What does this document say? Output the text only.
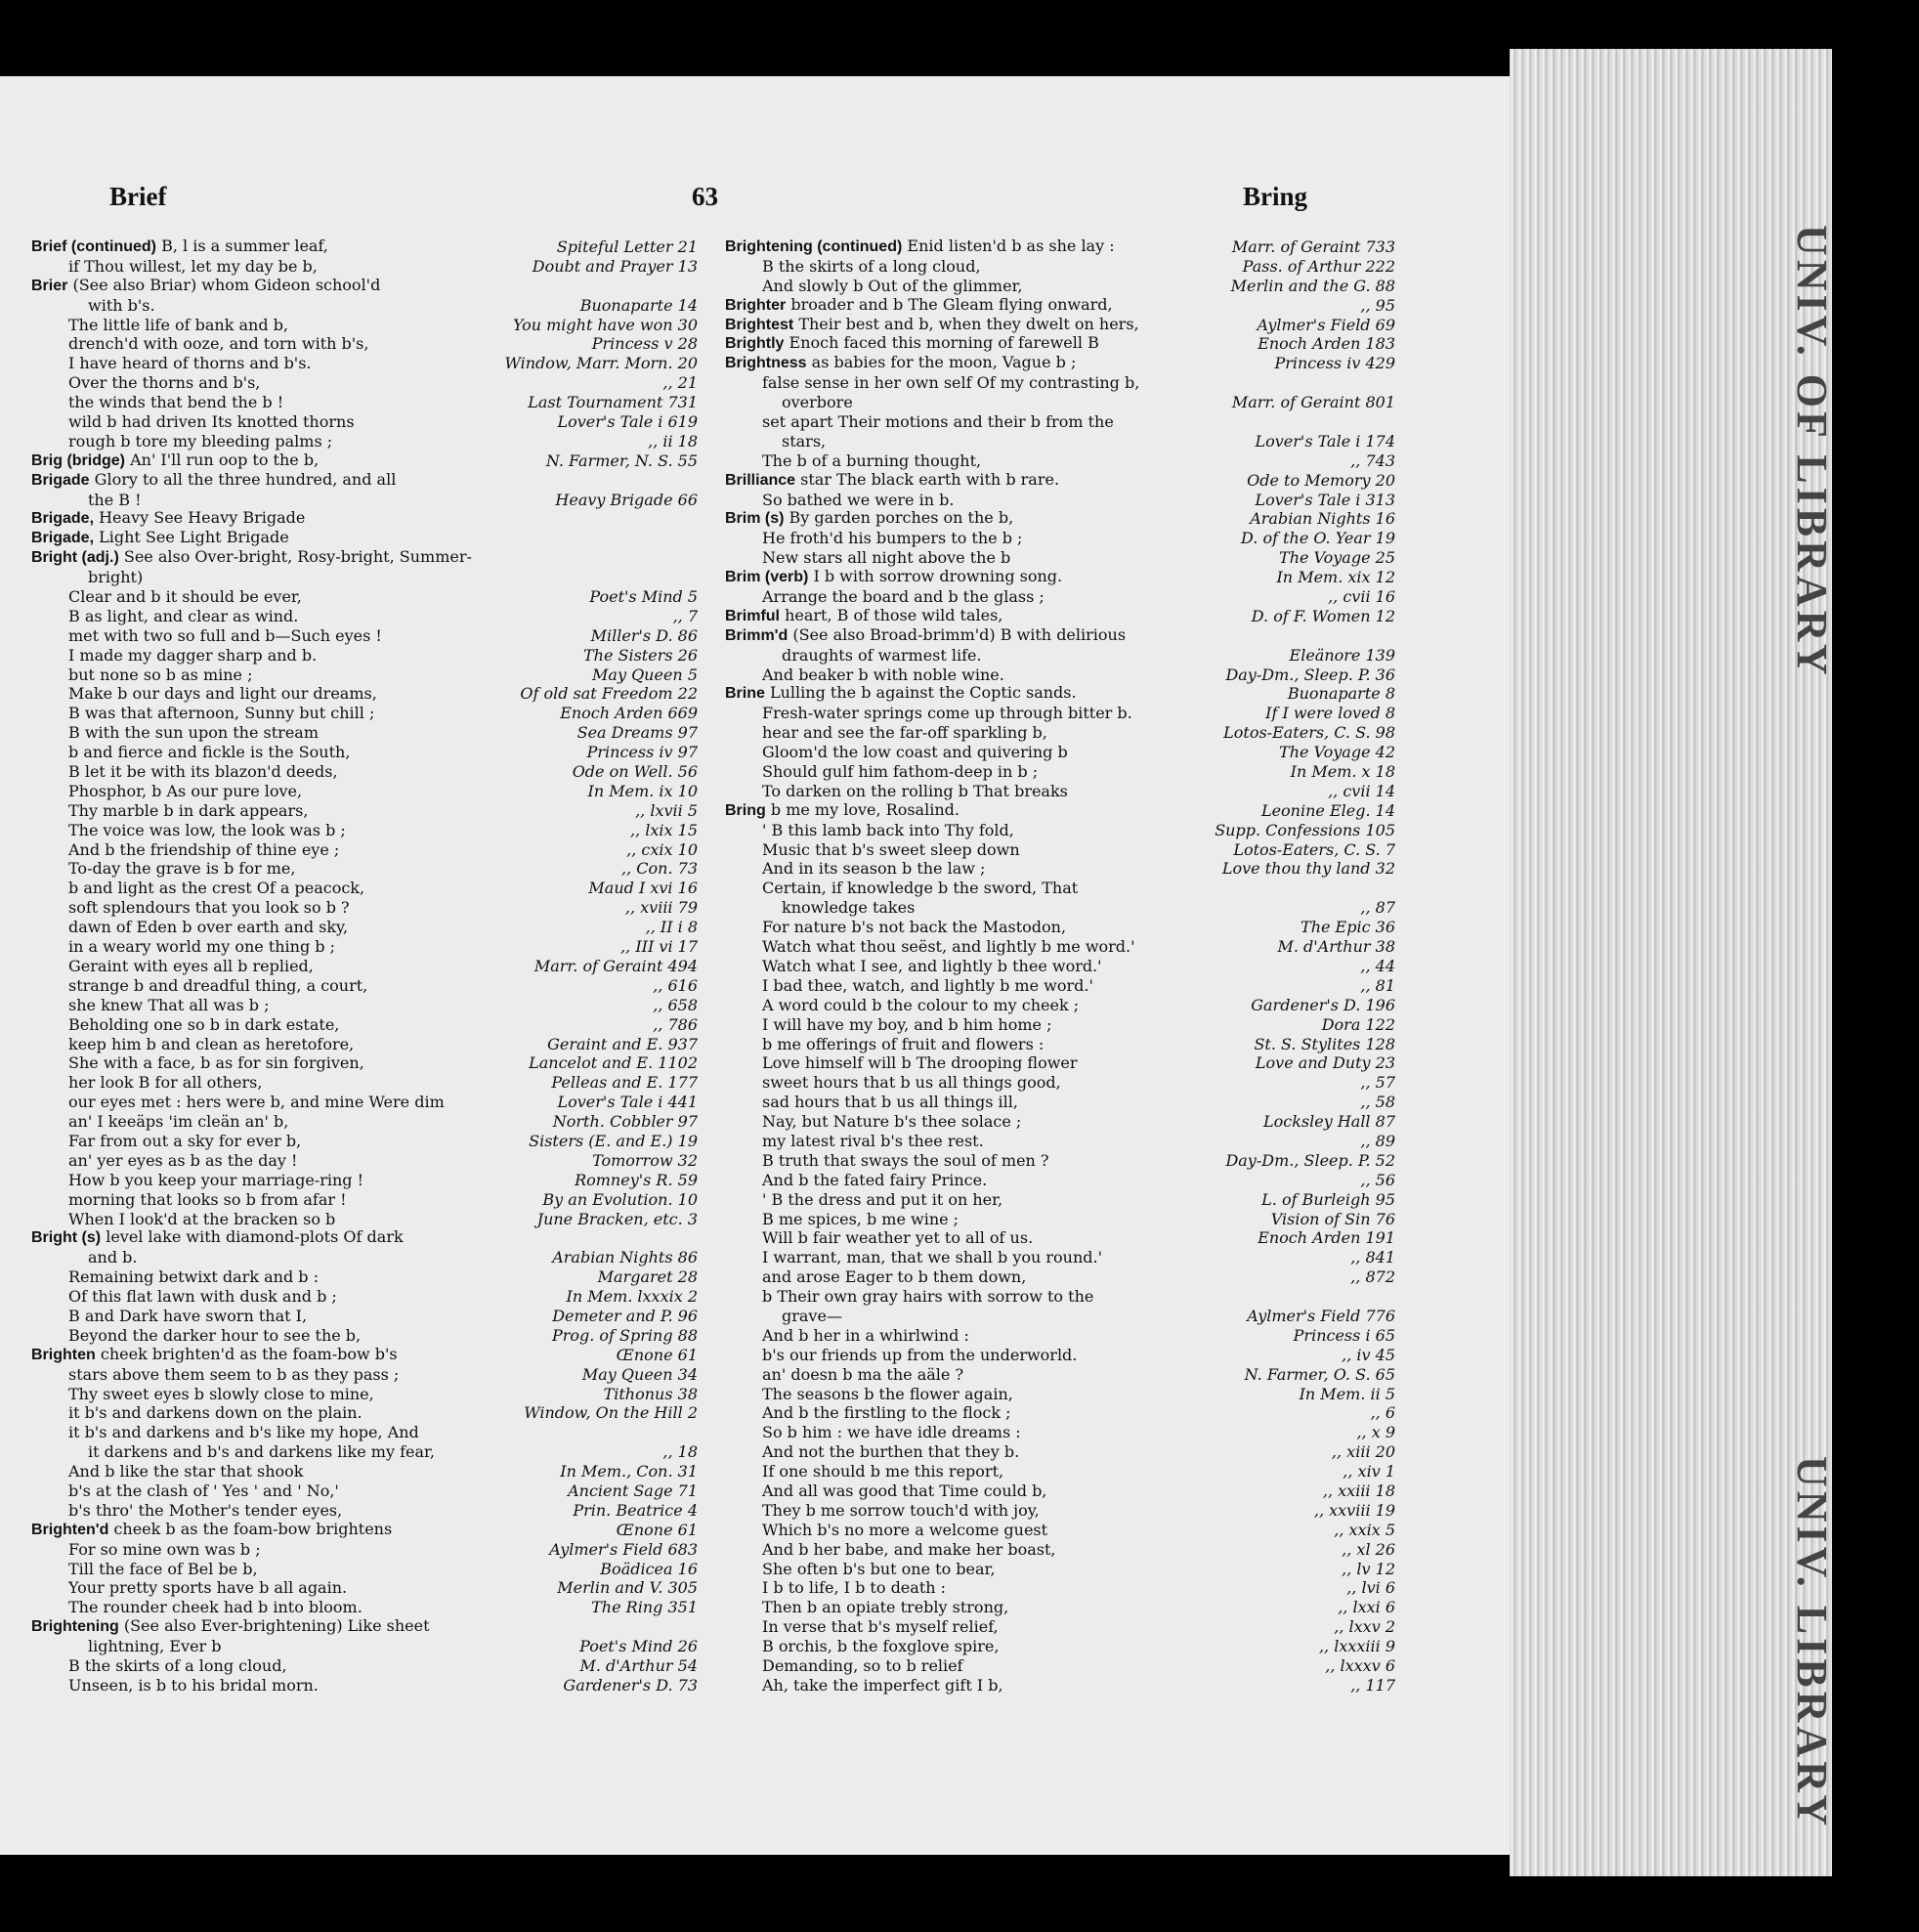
UNIV. OF LIBRARY
UNIV. LIBRARY
Brief	63	Bring
Brief (continued) B, l is a summer leaf,	Spiteful Letter 21
if Thou willest, let my day be b,	Doubt and Prayer 13
Brier (See also Briar) whom Gideon school'd
with b's.	Buonaparte 14
The little life of bank and b,	You might have won 30
drench'd with ooze, and torn with b's,	Princess v 28
I have heard of thorns and b's.	Window, Marr. Morn. 20
Over the thorns and b's,	,, 21
the winds that bend the b !	Last Tournament 731
wild b had driven Its knotted thorns	Lover's Tale i 619
rough b tore my bleeding palms ;	,, ii 18
Brig (bridge) An' I'll run oop to the b,	N. Farmer, N. S. 55
Brigade Glory to all the three hundred, and all
the B !	Heavy Brigade 66
Brigade, Heavy See Heavy Brigade
Brigade, Light See Light Brigade
Bright (adj.) See also Over-bright, Rosy-bright, Summer-
bright)
Clear and b it should be ever,	Poet's Mind 5
B as light, and clear as wind.	,, 7
met with two so full and b—Such eyes !	Miller's D. 86
I made my dagger sharp and b.	The Sisters 26
but none so b as mine ;	May Queen 5
Make b our days and light our dreams,	Of old sat Freedom 22
B was that afternoon, Sunny but chill ;	Enoch Arden 669
B with the sun upon the stream	Sea Dreams 97
b and fierce and fickle is the South,	Princess iv 97
B let it be with its blazon'd deeds,	Ode on Well. 56
Phosphor, b As our pure love,	In Mem. ix 10
Thy marble b in dark appears,	,, lxvii 5
The voice was low, the look was b ;	,, lxix 15
And b the friendship of thine eye ;	,, cxix 10
To-day the grave is b for me,	,, Con. 73
b and light as the crest Of a peacock,	Maud I xvi 16
soft splendours that you look so b ?	,, xviii 79
dawn of Eden b over earth and sky,	,, II i 8
in a weary world my one thing b ;	,, III vi 17
Geraint with eyes all b replied,	Marr. of Geraint 494
strange b and dreadful thing, a court,	,, 616
she knew That all was b ;	,, 658
Beholding one so b in dark estate,	,, 786
keep him b and clean as heretofore,	Geraint and E. 937
She with a face, b as for sin forgiven,	Lancelot and E. 1102
her look B for all others,	Pelleas and E. 177
our eyes met : hers were b, and mine Were dim	Lover's Tale i 441
an' I keeäps 'im cleän an' b,	North. Cobbler 97
Far from out a sky for ever b,	Sisters (E. and E.) 19
an' yer eyes as b as the day !	Tomorrow 32
How b you keep your marriage-ring !	Romney's R. 59
morning that looks so b from afar !	By an Evolution. 10
When I look'd at the bracken so b	June Bracken, etc. 3
Bright (s) level lake with diamond-plots Of dark
and b.	Arabian Nights 86
Remaining betwixt dark and b :	Margaret 28
Of this flat lawn with dusk and b ;	In Mem. lxxxix 2
B and Dark have sworn that I,	Demeter and P. 96
Beyond the darker hour to see the b,	Prog. of Spring 88
Brighten cheek brighten'd as the foam-bow b's	Œnone 61
stars above them seem to b as they pass ;	May Queen 34
Thy sweet eyes b slowly close to mine,	Tithonus 38
it b's and darkens down on the plain.	Window, On the Hill 2
it b's and darkens and b's like my hope, And
it darkens and b's and darkens like my fear,	,, 18
And b like the star that shook	In Mem., Con. 31
b's at the clash of ' Yes ' and ' No,'	Ancient Sage 71
b's thro' the Mother's tender eyes,	Prin. Beatrice 4
Brighten'd cheek b as the foam-bow brightens	Œnone 61
For so mine own was b ;	Aylmer's Field 683
Till the face of Bel be b,	Boädicea 16
Your pretty sports have b all again.	Merlin and V. 305
The rounder cheek had b into bloom.	The Ring 351
Brightening (See also Ever-brightening) Like sheet
lightning, Ever b	Poet's Mind 26
B the skirts of a long cloud,	M. d'Arthur 54
Unseen, is b to his bridal morn.	Gardener's D. 73
Brightening (continued) Enid listen'd b as she lay :	Marr. of Geraint 733
B the skirts of a long cloud,	Pass. of Arthur 222
And slowly b Out of the glimmer,	Merlin and the G. 88
Brighter broader and b The Gleam flying onward,	,, 95
Brightest Their best and b, when they dwelt on hers,	Aylmer's Field 69
Brightly Enoch faced this morning of farewell B	Enoch Arden 183
Brightness as babies for the moon, Vague b ;	Princess iv 429
false sense in her own self Of my contrasting b,
overbore	Marr. of Geraint 801
set apart Their motions and their b from the
stars,	Lover's Tale i 174
The b of a burning thought,	,, 743
Brilliance star The black earth with b rare.	Ode to Memory 20
So bathed we were in b.	Lover's Tale i 313
Brim (s) By garden porches on the b,	Arabian Nights 16
He froth'd his bumpers to the b ;	D. of the O. Year 19
New stars all night above the b	The Voyage 25
Brim (verb) I b with sorrow drowning song.	In Mem. xix 12
Arrange the board and b the glass ;	,, cvii 16
Brimful heart, B of those wild tales,	D. of F. Women 12
Brimm'd (See also Broad-brimm'd) B with delirious
draughts of warmest life.	Eleänore 139
And beaker b with noble wine.	Day-Dm., Sleep. P. 36
Brine Lulling the b against the Coptic sands.	Buonaparte 8
Fresh-water springs come up through bitter b.	If I were loved 8
hear and see the far-off sparkling b,	Lotos-Eaters, C. S. 98
Gloom'd the low coast and quivering b	The Voyage 42
Should gulf him fathom-deep in b ;	In Mem. x 18
To darken on the rolling b That breaks	,, cvii 14
Bring b me my love, Rosalind.	Leonine Eleg. 14
' B this lamb back into Thy fold,	Supp. Confessions 105
Music that b's sweet sleep down	Lotos-Eaters, C. S. 7
And in its season b the law ;	Love thou thy land 32
Certain, if knowledge b the sword, That
knowledge takes	,, 87
For nature b's not back the Mastodon,	The Epic 36
Watch what thou seëst, and lightly b me word.'	M. d'Arthur 38
Watch what I see, and lightly b thee word.'	,, 44
I bad thee, watch, and lightly b me word.'	,, 81
A word could b the colour to my cheek ;	Gardener's D. 196
I will have my boy, and b him home ;	Dora 122
b me offerings of fruit and flowers :	St. S. Stylites 128
Love himself will b The drooping flower	Love and Duty 23
sweet hours that b us all things good,	,, 57
sad hours that b us all things ill,	,, 58
Nay, but Nature b's thee solace ;	Locksley Hall 87
my latest rival b's thee rest.	,, 89
B truth that sways the soul of men ?	Day-Dm., Sleep. P. 52
And b the fated fairy Prince.	,, 56
' B the dress and put it on her,	L. of Burleigh 95
B me spices, b me wine ;	Vision of Sin 76
Will b fair weather yet to all of us.	Enoch Arden 191
I warrant, man, that we shall b you round.'	,, 841
and arose Eager to b them down,	,, 872
b Their own gray hairs with sorrow to the
grave—	Aylmer's Field 776
And b her in a whirlwind :	Princess i 65
b's our friends up from the underworld.	,, iv 45
an' doesn b ma the aäle ?	N. Farmer, O. S. 65
The seasons b the flower again,	In Mem. ii 5
And b the firstling to the flock ;	,, 6
So b him : we have idle dreams :	,, x 9
And not the burthen that they b.	,, xiii 20
If one should b me this report,	,, xiv 1
And all was good that Time could b,	,, xxiii 18
They b me sorrow touch'd with joy,	,, xxviii 19
Which b's no more a welcome guest	,, xxix 5
And b her babe, and make her boast,	,, xl 26
She often b's but one to bear,	,, lv 12
I b to life, I b to death :	,, lvi 6
Then b an opiate trebly strong,	,, lxxi 6
In verse that b's myself relief,	,, lxxv 2
B orchis, b the foxglove spire,	,, lxxxiii 9
Demanding, so to b relief	,, lxxxv 6
Ah, take the imperfect gift I b,	,, 117
